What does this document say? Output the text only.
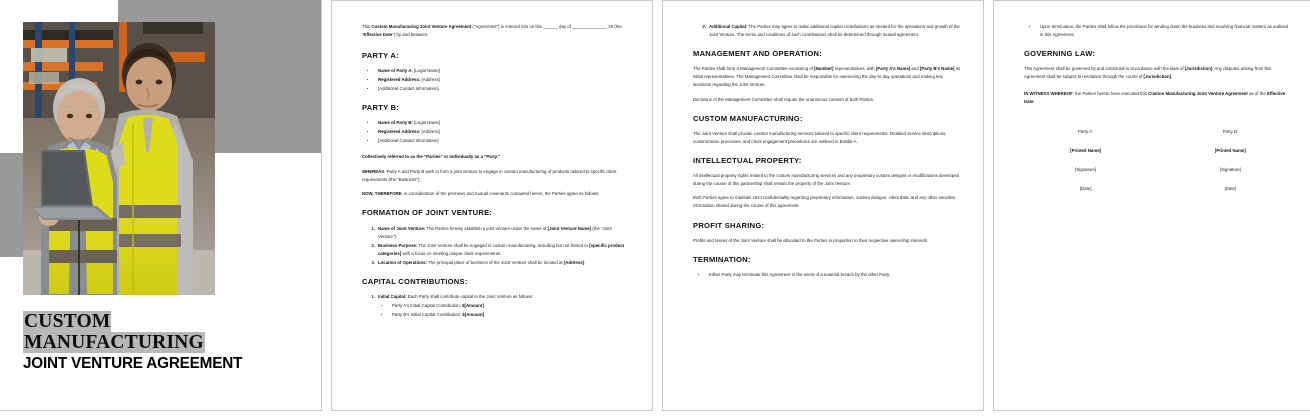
CUSTOM
MANUFACTURING
JOINT VENTURE AGREEMENT

This Custom Manufacturing Joint Venture Agreement ("Agreement") is entered into on this ______ day of ______________, 20 (the "Effective Date") by and between:

PARTY A:
• Name of Party A: [Legal Name]
• Registered Address: [Address]
• [Additional Contact Information]
PARTY B:
• Name of Party B: [Legal Name]
• Registered Address: [Address]
• [Additional Contact Information]

Collectively referred to as the "Parties" or individually as a "Party."

WHEREAS, Party A and Party B wish to form a joint venture to engage in custom manufacturing of products tailored to specific client requirements (the "Business");

NOW, THEREFORE, in consideration of the premises and mutual covenants contained herein, the Parties agree as follows:

FORMATION OF JOINT VENTURE:
1. Name of Joint Venture: The Parties hereby establish a joint venture under the name of [Joint Venture Name] (the "Joint Venture").
2. Business Purpose: The Joint Venture shall be engaged in custom manufacturing, including but not limited to [specific product categories] with a focus on meeting unique client requirements.
3. Location of Operations: The principal place of business of the Joint Venture shall be located at [Address].
CAPITAL CONTRIBUTIONS:
1. Initial Capital: Each Party shall contribute capital to the Joint Venture as follows:
• Party A's Initial Capital Contribution: $[Amount]
• Party B's Initial Capital Contribution: $[Amount]
2. Additional Capital: The Parties may agree to make additional capital contributions as needed for the operations and growth of the Joint Venture. The terms and conditions of such contributions shall be determined through mutual agreement.
MANAGEMENT AND OPERATION:

The Parties shall form a Management Committee consisting of [Number] representatives, with [Party A's Name] and [Party B's Name] as initial representatives. The Management Committee shall be responsible for overseeing the day-to-day operations and making key decisions regarding the Joint Venture.

Decisions of the Management Committee shall require the unanimous consent of both Parties.

CUSTOM MANUFACTURING:

The Joint Venture shall provide custom manufacturing services tailored to specific client requirements. Detailed service descriptions, customization processes, and client engagement procedures are outlined in Exhibit A.

INTELLECTUAL PROPERTY:

All intellectual property rights related to the custom manufacturing services and any proprietary custom designs or modifications developed during the course of this partnership shall remain the property of the Joint Venture.

Both Parties agree to maintain strict confidentiality regarding proprietary information, custom designs, client data, and any other sensitive information shared during the course of this agreement.

PROFIT SHARING:

Profits and losses of the Joint Venture shall be allocated to the Parties in proportion to their respective ownership interests.

TERMINATION:
• Either Party may terminate this Agreement in the event of a material breach by the other Party.
• Upon termination, the Parties shall follow the provisions for winding down the business and resolving financial matters as outlined in this Agreement.
GOVERNING LAW:

This Agreement shall be governed by and construed in accordance with the laws of [Jurisdiction]. Any disputes arising from this Agreement shall be subject to resolution through the courts of [Jurisdiction].

IN WITNESS WHEREOF, the Parties hereto have executed this Custom Manufacturing Joint Venture Agreement as of the Effective Date.

Party A:	Party B:
[Printed Name]	[Printed Name]
[Signature]	[Signature]
[Date]	[Date]
